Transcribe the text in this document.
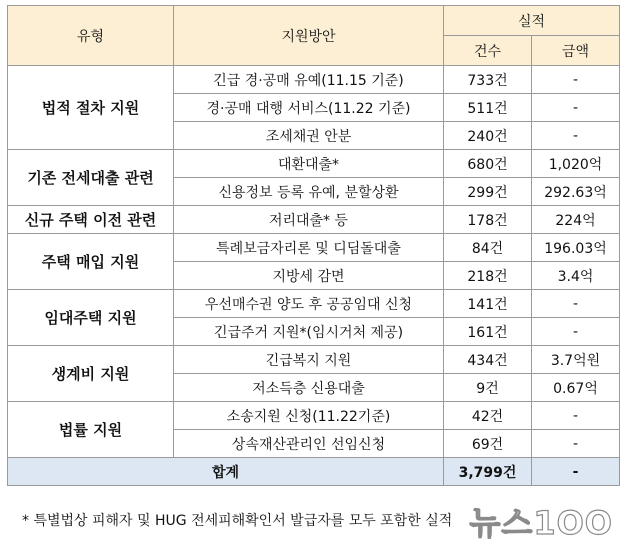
유형	지원방안	실적	
		건수	금액
법적 절차 지원	긴급 경·공매 유예(11.15 기준)	733건	-
	경·공매 대행 서비스(11.22 기준)	511건	-
	조세채권 안분	240건	-
기존 전세대출 관련	대환대출*	680건	1,020억
	신용정보 등록 유예, 분할상환	299건	292.63억
신규 주택 이전 관련	저리대출* 등	178건	224억
주택 매입 지원	특례보금자리론 및 디딤돌대출	84건	196.03억
	지방세 감면	218건	3.4억
임대주택 지원	우선매수권 양도 후 공공임대 신청	141건	-
	긴급주거 지원*(임시거처 제공)	161건	-
생계비 지원	긴급복지 지원	434건	3.7억원
	저소득층 신용대출	9건	0.67억
법률 지원	소송지원 신청(11.22기준)	42건	-
	상속재산관리인 선임신청	69건	-
합계		3,799건	-
* 특별법상 피해자 및 HUG 전세피해확인서 발급자를 모두 포함한 실적 뉴스1OO
